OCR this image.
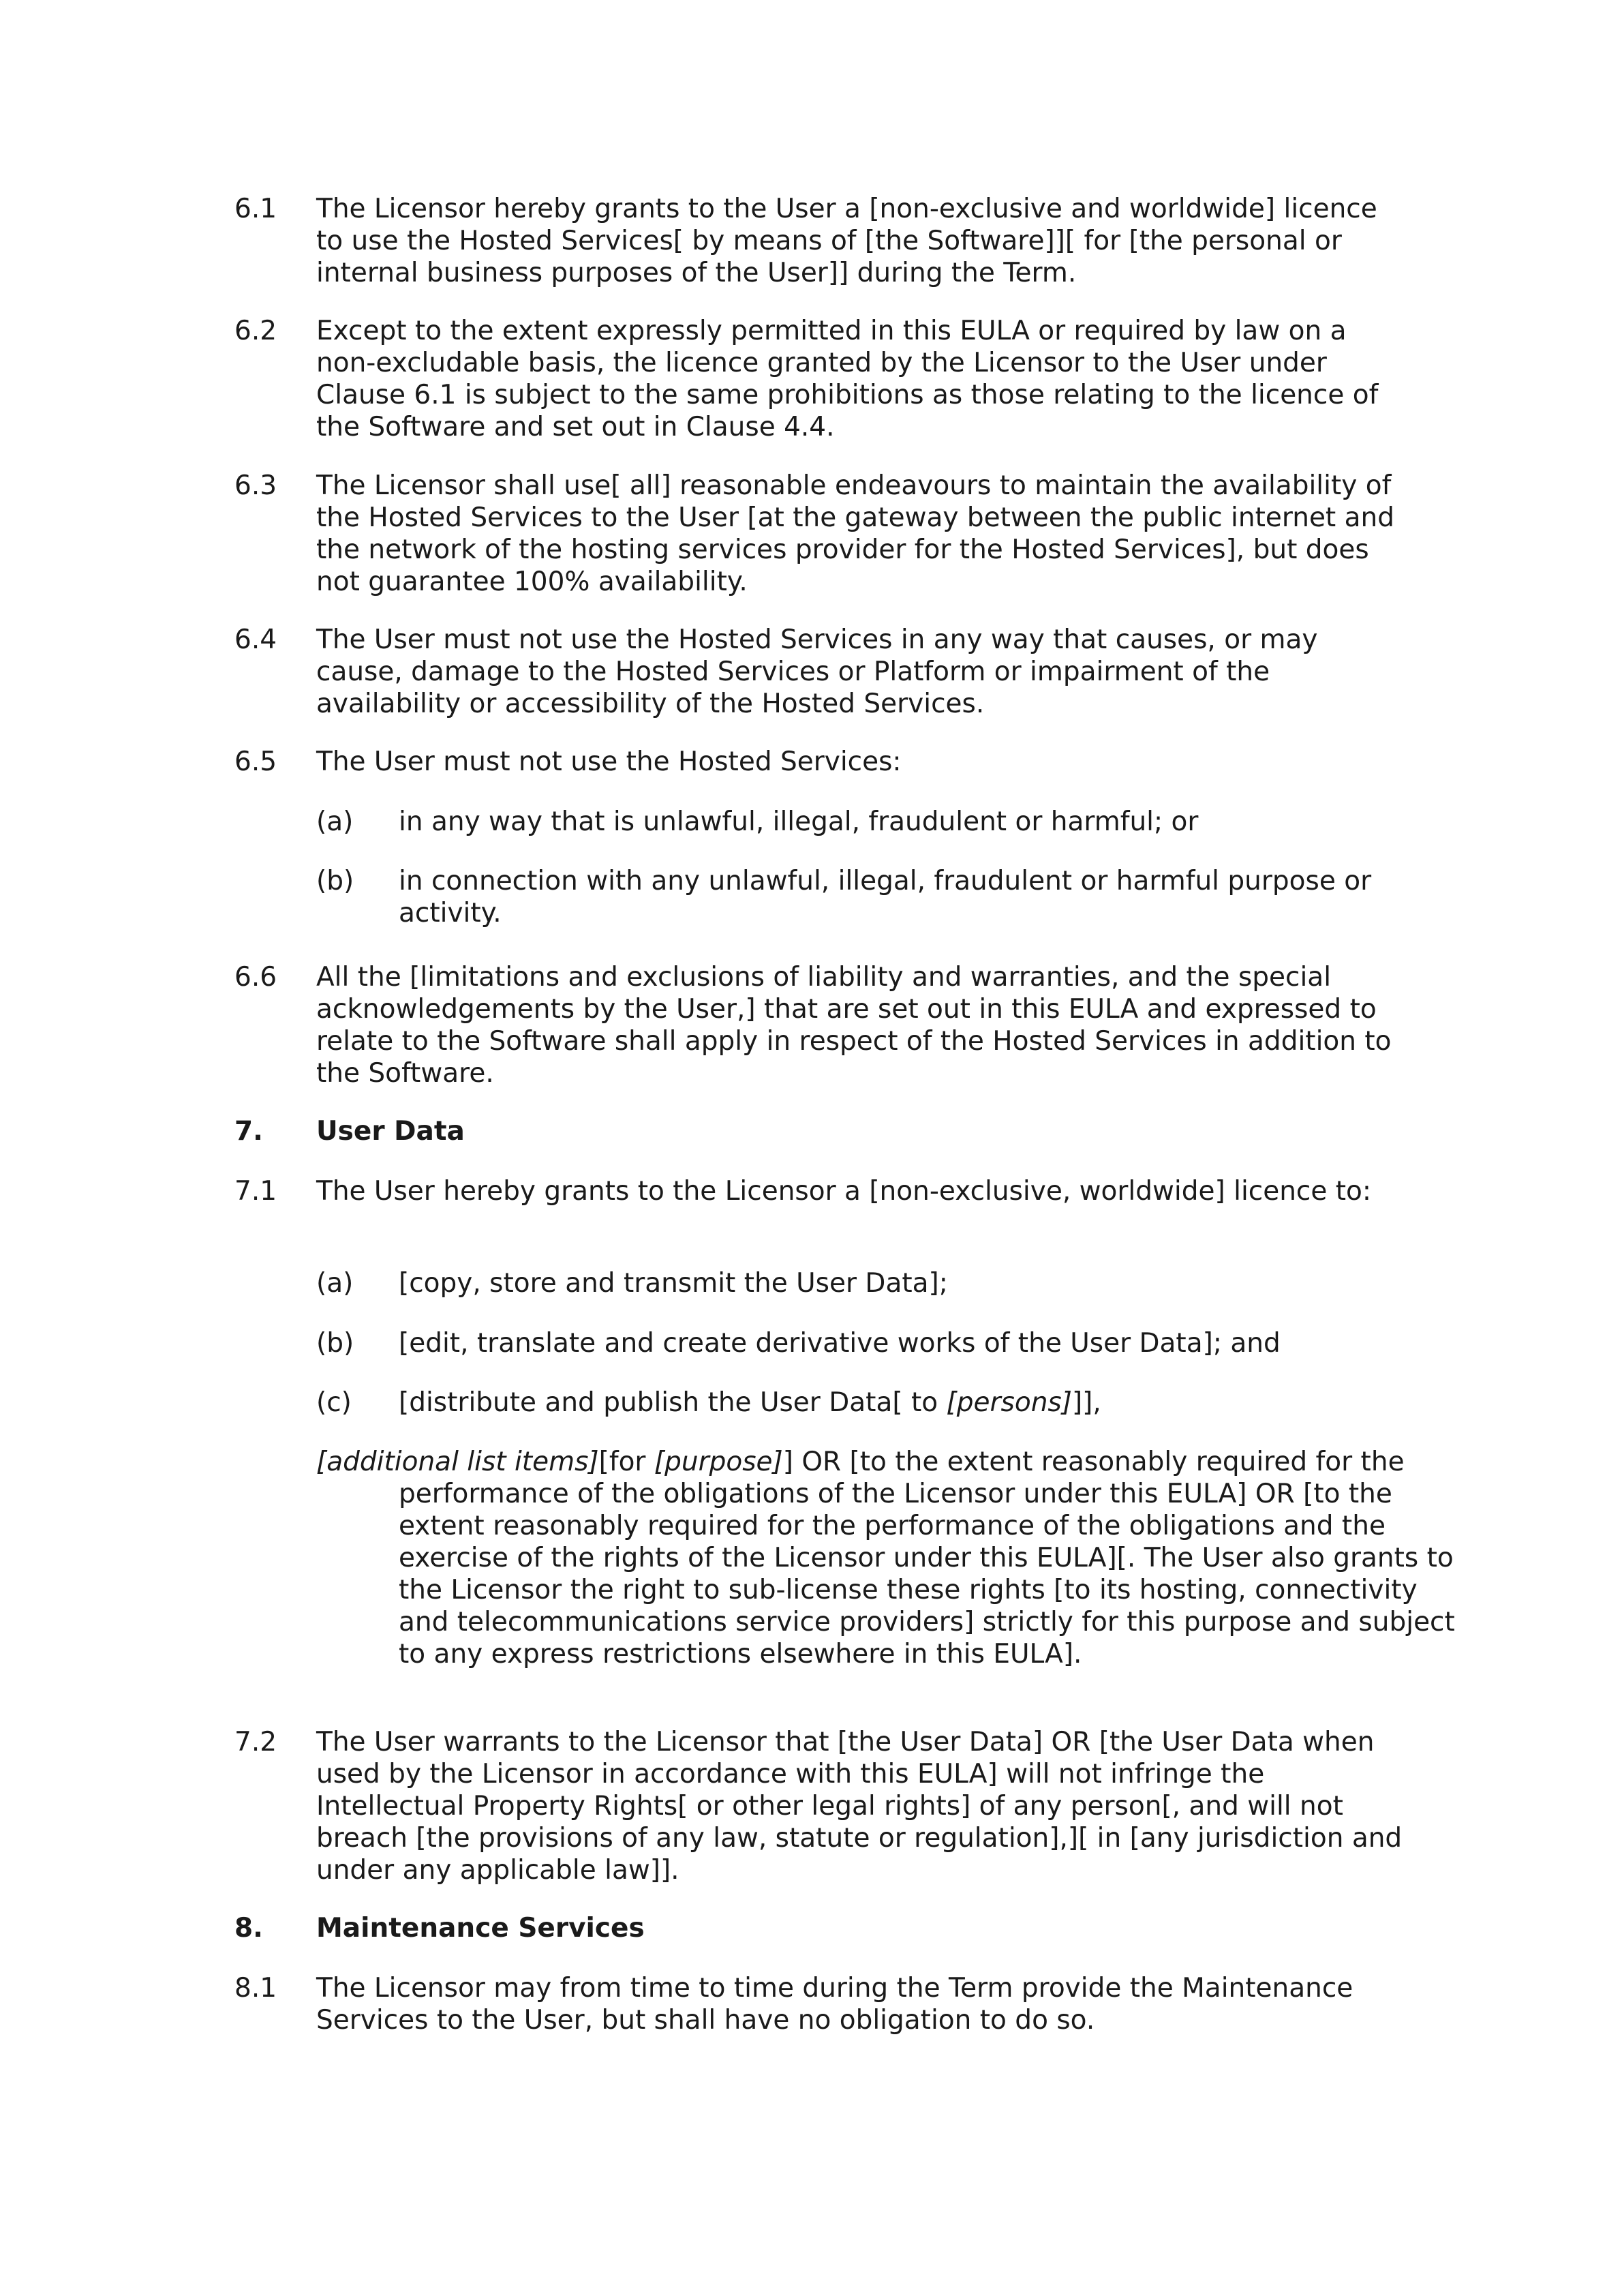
6.1 The Licensor hereby grants to the User a [non-exclusive and worldwide] licence to use the Hosted Services[ by means of [the Software]][ for [the personal or internal business purposes of the User]] during the Term.
6.2 Except to the extent expressly permitted in this EULA or required by law on a non-excludable basis, the licence granted by the Licensor to the User under Clause 6.1 is subject to the same prohibitions as those relating to the licence of the Software and set out in Clause 4.4.
6.3 The Licensor shall use[ all] reasonable endeavours to maintain the availability of the Hosted Services to the User [at the gateway between the public internet and the network of the hosting services provider for the Hosted Services], but does not guarantee 100% availability.
6.4 The User must not use the Hosted Services in any way that causes, or may cause, damage to the Hosted Services or Platform or impairment of the availability or accessibility of the Hosted Services.
6.5 The User must not use the Hosted Services:
(a) in any way that is unlawful, illegal, fraudulent or harmful; or
(b) in connection with any unlawful, illegal, fraudulent or harmful purpose or activity.
6.6 All the [limitations and exclusions of liability and warranties, and the special acknowledgements by the User,] that are set out in this EULA and expressed to relate to the Software shall apply in respect of the Hosted Services in addition to the Software.
7. User Data
7.1 The User hereby grants to the Licensor a [non-exclusive, worldwide] licence to:
(a) [copy, store and transmit the User Data];
(b) [edit, translate and create derivative works of the User Data]; and
(c) [distribute and publish the User Data[ to [persons]]],
[additional list items][for [purpose]] OR [to the extent reasonably required for the performance of the obligations of the Licensor under this EULA] OR [to the extent reasonably required for the performance of the obligations and the exercise of the rights of the Licensor under this EULA][. The User also grants to the Licensor the right to sub-license these rights [to its hosting, connectivity and telecommunications service providers] strictly for this purpose and subject to any express restrictions elsewhere in this EULA].
7.2 The User warrants to the Licensor that [the User Data] OR [the User Data when used by the Licensor in accordance with this EULA] will not infringe the Intellectual Property Rights[ or other legal rights] of any person[, and will not breach [the provisions of any law, statute or regulation],][ in [any jurisdiction and under any applicable law]].
8. Maintenance Services
8.1 The Licensor may from time to time during the Term provide the Maintenance Services to the User, but shall have no obligation to do so.
